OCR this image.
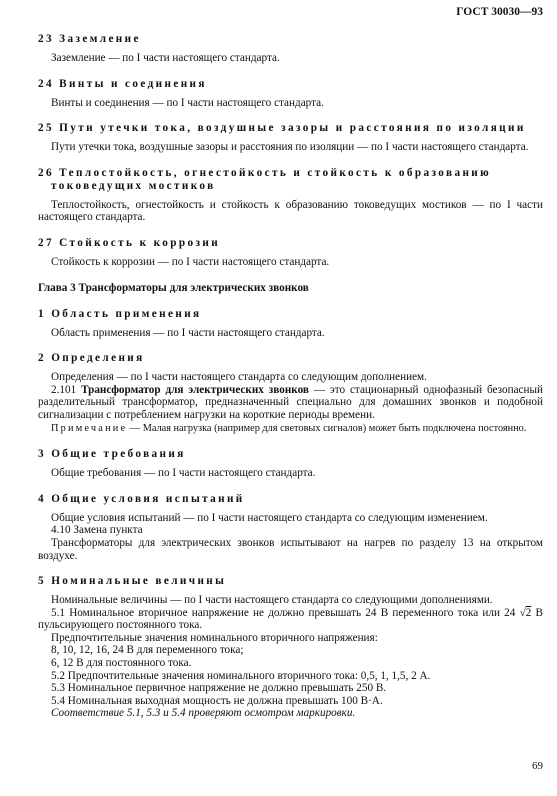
ГОСТ 30030—93
23 Заземление

Заземление — по I части настоящего стандарта.

24 Винты и соединения

Винты и соединения — по I части настоящего стандарта.

25 Пути утечки тока, воздушные зазоры и расстояния по изоляции

Пути утечки тока, воздушные зазоры и расстояния по изоляции — по I части настоящего стандарта.

26 Теплостойкость, огнестойкость и стойкость к образованию токоведущих мостиков

Теплостойкость, огнестойкость и стойкость к образованию токоведущих мостиков — по I части настоящего стандарта.

27 Стойкость к коррозии

Стойкость к коррозии — по I части настоящего стандарта.

Глава 3 Трансформаторы для электрических звонков
1 Область применения

Область применения — по I части настоящего стандарта.

2 Определения

Определения — по I части настоящего стандарта со следующим дополнением.

2.101 Трансформатор для электрических звонков — это стационарный однофазный безопасный разделительный трансформатор, предназначенный специально для домашних звонков и подобной сигнализации с потреблением нагрузки на короткие периоды времени.

Примечание — Малая нагрузка (например для световых сигналов) может быть подключена постоянно.

3 Общие требования

Общие требования — по I части настоящего стандарта.

4 Общие условия испытаний

Общие условия испытаний — по I части настоящего стандарта со следующим изменением.

4.10 Замена пункта

Трансформаторы для электрических звонков испытывают на нагрев по разделу 13 на открытом воздухе.

5 Номинальные величины

Номинальные величины — по I части настоящего стандарта со следующими дополнениями.

5.1 Номинальное вторичное напряжение не должно превышать 24 В переменного тока или 24 √2 В пульсирующего постоянного тока.

Предпочтительные значения номинального вторичного напряжения:

8, 10, 12, 16, 24 В для переменного тока;

6, 12 В для постоянного тока.

5.2 Предпочтительные значения номинального вторичного тока: 0,5, 1, 1,5, 2 А.

5.3 Номинальное первичное напряжение не должно превышать 250 В.

5.4 Номинальная выходная мощность не должна превышать 100 В·А.

Соответствие 5.1, 5.3 и 5.4 проверяют осмотром маркировки.

69
